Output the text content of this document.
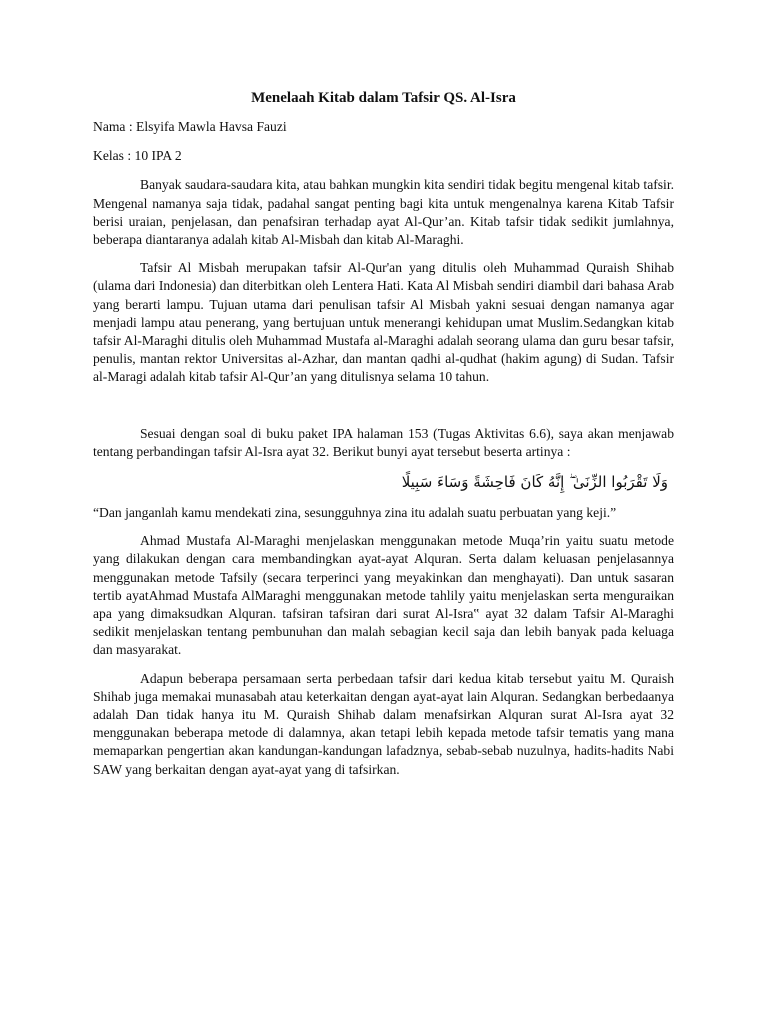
Menelaah Kitab dalam Tafsir QS. Al-Isra
Nama : Elsyifa Mawla Havsa Fauzi
Kelas : 10 IPA 2

Banyak saudara-saudara kita, atau bahkan mungkin kita sendiri tidak begitu mengenal kitab tafsir. Mengenal namanya saja tidak, padahal sangat penting bagi kita untuk mengenalnya karena Kitab Tafsir berisi uraian, penjelasan, dan penafsiran terhadap ayat Al-Qur’an. Kitab tafsir tidak sedikit jumlahnya, beberapa diantaranya adalah kitab Al-Misbah dan kitab Al-Maraghi.

Tafsir Al Misbah merupakan tafsir Al-Qur'an yang ditulis oleh Muhammad Quraish Shihab (ulama dari Indonesia) dan diterbitkan oleh Lentera Hati. Kata Al Misbah sendiri diambil dari bahasa Arab yang berarti lampu. Tujuan utama dari penulisan tafsir Al Misbah yakni sesuai dengan namanya agar menjadi lampu atau penerang, yang bertujuan untuk menerangi kehidupan umat Muslim.Sedangkan kitab tafsir Al-Maraghi ditulis oleh Muhammad Mustafa al-Maraghi adalah seorang ulama dan guru besar tafsir, penulis, mantan rektor Universitas al-Azhar, dan mantan qadhi al-qudhat (hakim agung) di Sudan. Tafsir al-Maragi adalah kitab tafsir Al-Qur’an yang ditulisnya selama 10 tahun.

Sesuai dengan soal di buku paket IPA halaman 153 (Tugas Aktivitas 6.6), saya akan menjawab tentang perbandingan tafsir Al-Isra ayat 32. Berikut bunyi ayat tersebut beserta artinya :

وَلَا تَقْرَبُوا الزِّنَىٰ ۖ إِنَّهُ كَانَ فَاحِشَةً وَسَاءَ سَبِيلًا

“Dan janganlah kamu mendekati zina, sesungguhnya zina itu adalah suatu perbuatan yang keji.”

Ahmad Mustafa Al-Maraghi menjelaskan menggunakan metode Muqa’rin yaitu suatu metode yang dilakukan dengan cara membandingkan ayat-ayat Alquran. Serta dalam keluasan penjelasannya menggunakan metode Tafsily (secara terperinci yang meyakinkan dan menghayati). Dan untuk sasaran tertib ayatAhmad Mustafa AlMaraghi menggunakan metode tahlily yaitu menjelaskan serta menguraikan apa yang dimaksudkan Alquran. tafsiran tafsiran dari surat Al-Isra‟ ayat 32 dalam Tafsir Al-Maraghi sedikit menjelaskan tentang pembunuhan dan malah sebagian kecil saja dan lebih banyak pada keluaga dan masyarakat.

Adapun beberapa persamaan serta perbedaan tafsir dari kedua kitab tersebut yaitu M. Quraish Shihab juga memakai munasabah atau keterkaitan dengan ayat-ayat lain Alquran. Sedangkan berbedaanya adalah Dan tidak hanya itu M. Quraish Shihab dalam menafsirkan Alquran surat Al-Isra ayat 32 menggunakan beberapa metode di dalamnya, akan tetapi lebih kepada metode tafsir tematis yang mana memaparkan pengertian akan kandungan-kandungan lafadznya, sebab-sebab nuzulnya, hadits-hadits Nabi SAW yang berkaitan dengan ayat-ayat yang di tafsirkan.
